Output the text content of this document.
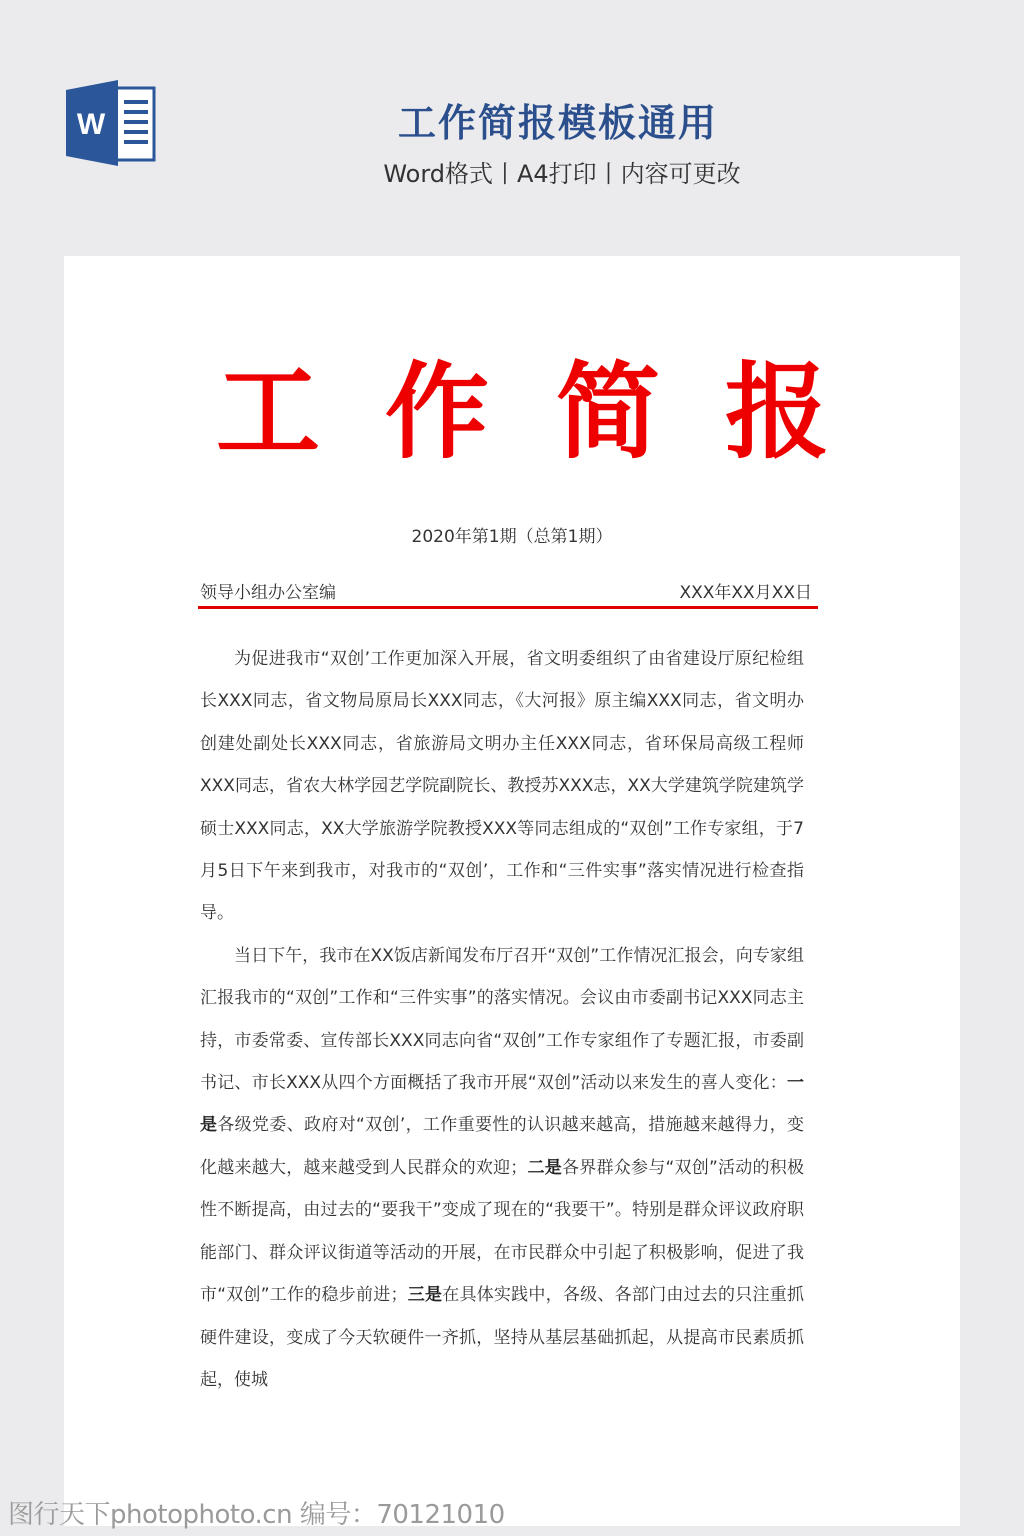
W	工作简报模板通用
Word格式丨A4打印丨内容可更改
工 作 简 报
2020年第1期（总第1期）
领导小组办公室编	XXX年XX月XX日

为促进我市“双创’工作更加深入开展，省文明委组织了由省建设厅原纪检组长XXX同志，省文物局原局长XXX同志，《大河报》原主编XXX同志，省文明办创建处副处长XXX同志，省旅游局文明办主任XXX同志，省环保局高级工程师XXX同志，省农大林学园艺学院副院长、教授苏XXX志，XX大学建筑学院建筑学硕士XXX同志，XX大学旅游学院教授XXX等同志组成的“双创”工作专家组，于7月5日下午来到我市，对我市的“双创’，工作和“三件实事”落实情况进行检查指导。

当日下午，我市在XX饭店新闻发布厅召开“双创”工作情况汇报会，向专家组汇报我市的“双创”工作和“三件实事”的落实情况。会议由市委副书记XXX同志主持，市委常委、宣传部长XXX同志向省“双创”工作专家组作了专题汇报，市委副书记、市长XXX从四个方面概括了我市开展“双创”活动以来发生的喜人变化：一是各级党委、政府对“双创’，工作重要性的认识越来越高，措施越来越得力，变化越来越大，越来越受到人民群众的欢迎；二是各界群众参与“双创”活动的积极性不断提高，由过去的“要我干”变成了现在的“我要干”。特别是群众评议政府职能部门、群众评议街道等活动的开展，在市民群众中引起了积极影响，促进了我市“双创”工作的稳步前进；三是在具体实践中，各级、各部门由过去的只注重抓硬件建设，变成了今天软硬件一齐抓，坚持从基层基础抓起，从提高市民素质抓起，使城

图行天下photophoto.cn 编号：70121010
